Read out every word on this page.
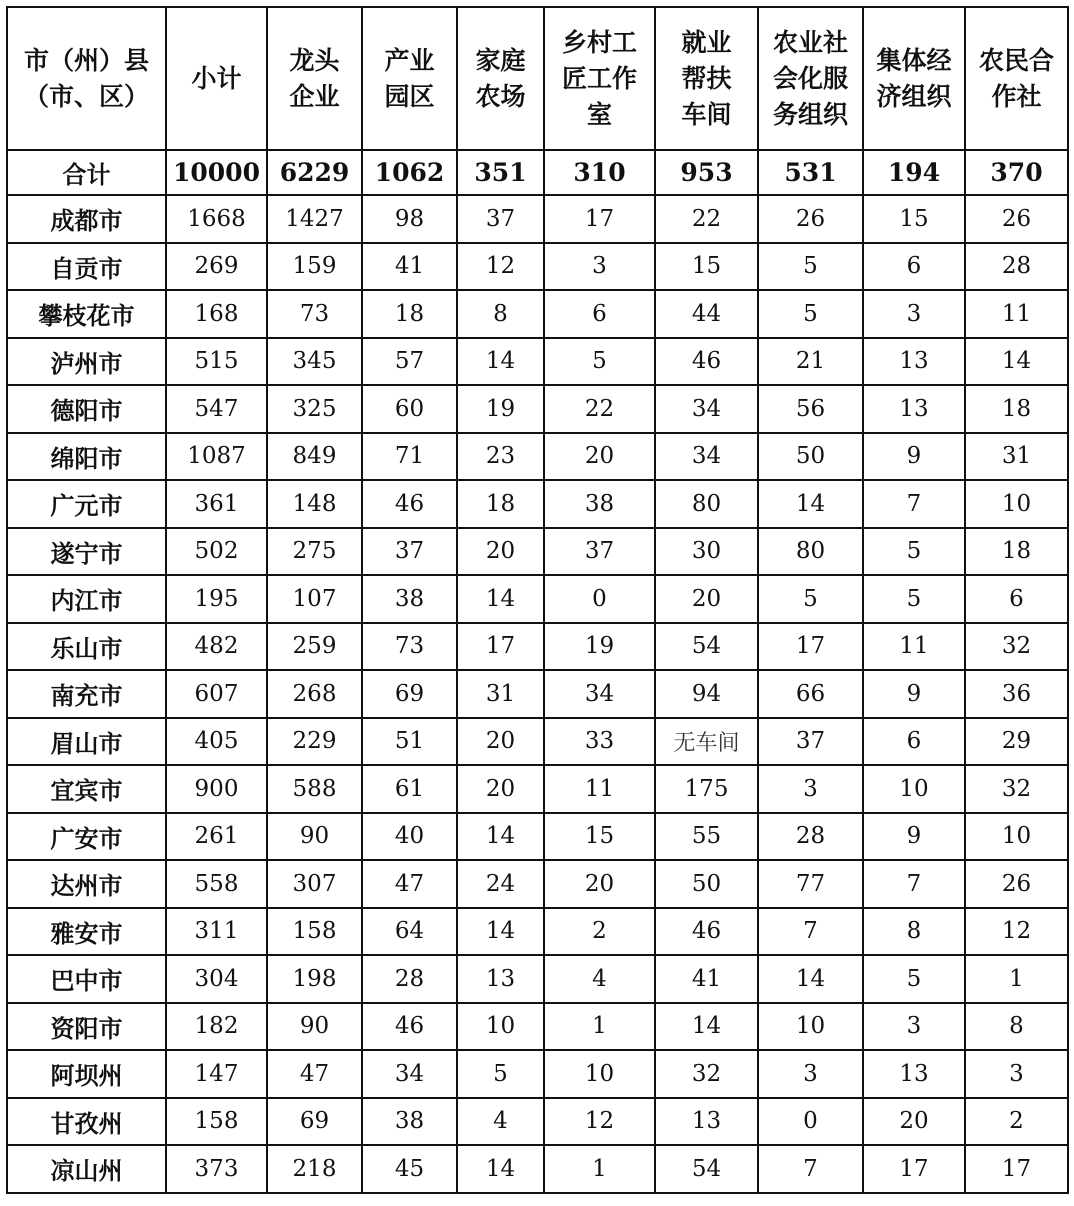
市（州）县（市、区）	小计	龙头企业	产业园区	家庭农场	乡村工匠工作室	就业帮扶车间	农业社会化服务组织	集体经济组织	农民合作社
合计	10000	6229	1062	351	310	953	531	194	370
成都市	1668	1427	98	37	17	22	26	15	26
自贡市	269	159	41	12	3	15	5	6	28
攀枝花市	168	73	18	8	6	44	5	3	11
泸州市	515	345	57	14	5	46	21	13	14
德阳市	547	325	60	19	22	34	56	13	18
绵阳市	1087	849	71	23	20	34	50	9	31
广元市	361	148	46	18	38	80	14	7	10
遂宁市	502	275	37	20	37	30	80	5	18
内江市	195	107	38	14	0	20	5	5	6
乐山市	482	259	73	17	19	54	17	11	32
南充市	607	268	69	31	34	94	66	9	36
眉山市	405	229	51	20	33	无车间	37	6	29
宜宾市	900	588	61	20	11	175	3	10	32
广安市	261	90	40	14	15	55	28	9	10
达州市	558	307	47	24	20	50	77	7	26
雅安市	311	158	64	14	2	46	7	8	12
巴中市	304	198	28	13	4	41	14	5	1
资阳市	182	90	46	10	1	14	10	3	8
阿坝州	147	47	34	5	10	32	3	13	3
甘孜州	158	69	38	4	12	13	0	20	2
凉山州	373	218	45	14	1	54	7	17	17
